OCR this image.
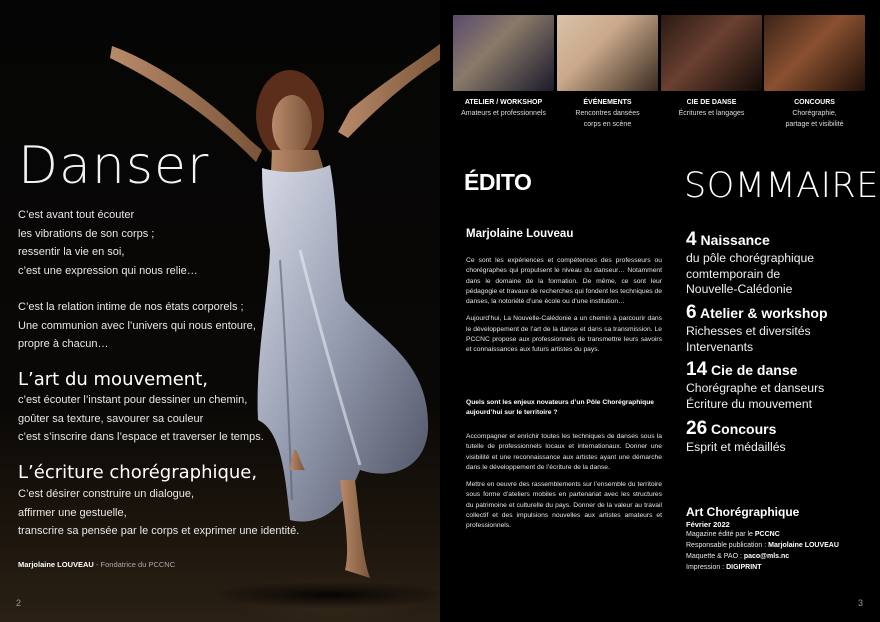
Danser
C’est avant tout écouter
les vibrations de son corps ;
ressentir la vie en soi,
c’est une expression qui nous relie…
C’est la relation intime de nos états corporels ;
Une communion avec l’univers qui nous entoure,
propre à chacun…
L’art du mouvement,
c’est écouter l’instant pour dessiner un chemin,
goûter sa texture, savourer sa couleur
c’est s’inscrire dans l’espace et traverser le temps.
L’écriture chorégraphique,
C’est désirer construire un dialogue,
affirmer une gestuelle,
transcrire sa pensée par le corps et exprimer une identité.
Marjolaine LOUVEAU - Fondatrice du PCCNC
2
ATELIER / WORKSHOP
Amateurs et professionnels
ÉVÉNEMENTS
Rencontres dansées
corps en scène
CIE DE DANSE
Écritures et langages
CONCOURS
Chorégraphie,
partage et visibilité
ÉDITO
Marjolaine Louveau

Ce sont les expériences et compétences des professeurs ou chorégraphes qui propulsent le niveau du danseur… Notamment dans le domaine de la formation. De même, ce sont leur pédagogie et travaux de recherches qui fondent les techniques de danses, la notoriété d’une école ou d’une institution…

Aujourd’hui, La Nouvelle-Calédonie a un chemin à parcourir dans le développement de l’art de la danse et dans sa transmission. Le PCCNC propose aux professionnels de transmettre leurs savoirs et connaissances aux futurs artistes du pays.

Quels sont les enjeux novateurs d’un Pôle Chorégraphique aujourd’hui sur le territoire ?

Accompagner et enrichir toutes les techniques de danses sous la tutelle de professionnels locaux et internationaux. Donner une visibilité et une reconnaissance aux artistes ayant une démarche dans le développement de l’écriture de la danse.

Mettre en oeuvre des rassemblements sur l’ensemble du territoire sous forme d’ateliers mobiles en partenariat avec les structures du patrimoine et culturelle du pays. Donner de la valeur au travail collectif et des impulsions nouvelles aux artistes amateurs et professionnels.

SOMMAIRE
4 Naissance
du pôle chorégraphique
comtemporain de
Nouvelle-Calédonie
6 Atelier & workshop
Richesses et diversités
Intervenants
14 Cie de danse
Chorégraphe et danseurs
Écriture du mouvement
26 Concours
Esprit et médaillés
Art Chorégraphique
Février 2022
Magazine édité par le PCCNC
Responsable publication : Marjolaine LOUVEAU
Maquette & PAO : paco@mls.nc
Impression : DIGIPRINT
3
